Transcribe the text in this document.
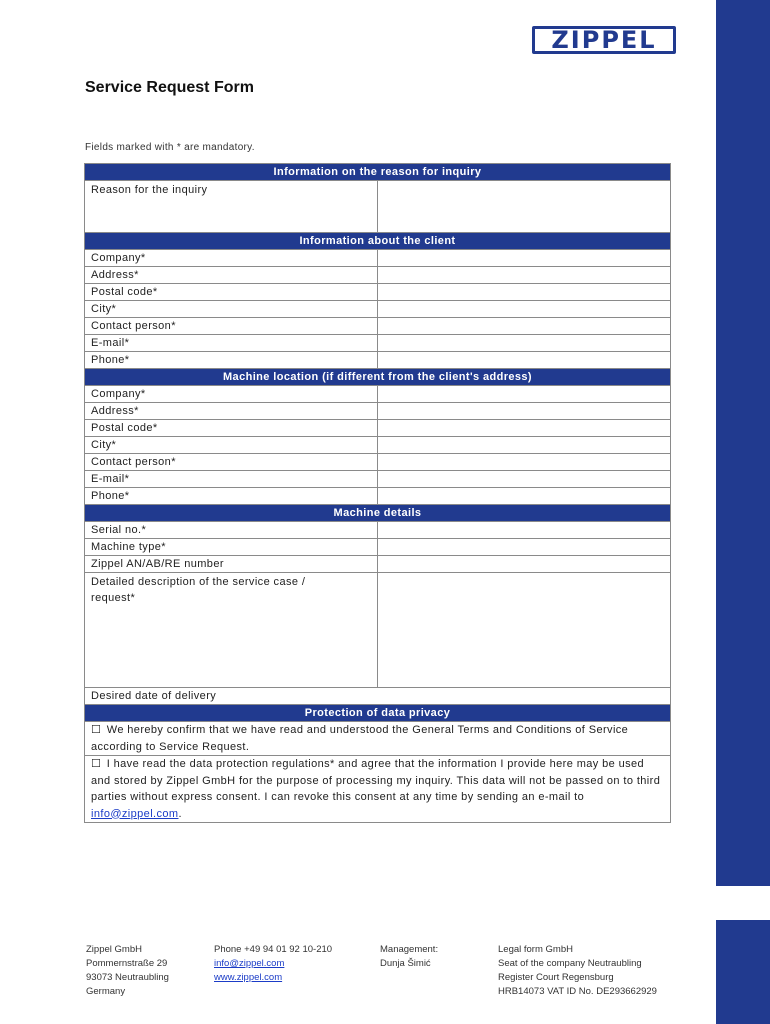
ZIPPEL
Service Request Form
Fields marked with * are mandatory.
Information on the reason for inquiry	
Reason for the inquiry	
Information about the client	
Company*	
Address*	
Postal code*	
City*	
Contact person*	
E-mail*	
Phone*	
Machine location (if different from the client's address)	
Company*	
Address*	
Postal code*	
City*	
Contact person*	
E-mail*	
Phone*	
Machine details	
Serial no.*	
Machine type*	
Zippel AN/AB/RE number	
Detailed description of the service case /
request*	
Desired date of delivery	
Protection of data privacy	
☐ We hereby confirm that we have read and understood the General Terms and Conditions of Service according to Service Request.	
☐ I have read the data protection regulations* and agree that the information I provide here may be used and stored by Zippel GmbH for the purpose of processing my inquiry. This data will not be passed on to third parties without express consent. I can revoke this consent at any time by sending an e-mail to info@zippel.com.	
Zippel GmbH
Pommernstraße 29
93073 Neutraubling
Germany
Phone +49 94 01 92 10-210
info@zippel.com
www.zippel.com
Management:
Dunja Šimić
Legal form GmbH
Seat of the company Neutraubling
Register Court Regensburg
HRB14073 VAT ID No. DE293662929
